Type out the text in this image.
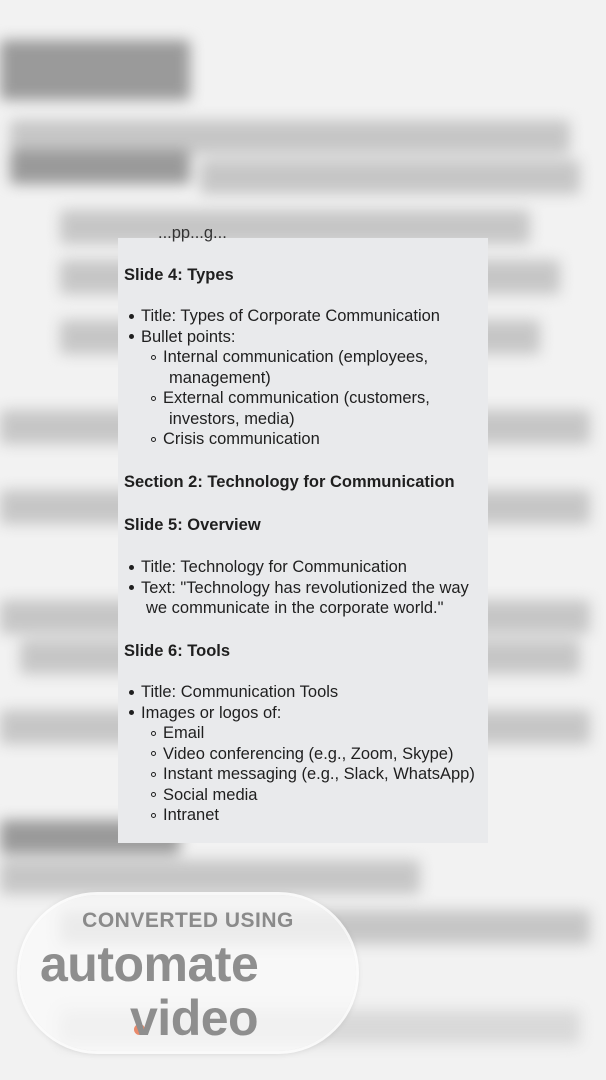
...pp...g...
Slide 4: Types
Title: Types of Corporate Communication
Bullet points:
Internal communication (employees,
management)
External communication (customers,
investors, media)
Crisis communication
Section 2: Technology for Communication
Slide 5: Overview
Title: Technology for Communication
Text: "Technology has revolutionized the way
we communicate in the corporate world."
Slide 6: Tools
Title: Communication Tools
Images or logos of:
Email
Video conferencing (e.g., Zoom, Skype)
Instant messaging (e.g., Slack, WhatsApp)
Social media
Intranet
CONVERTED USING
automate
video
